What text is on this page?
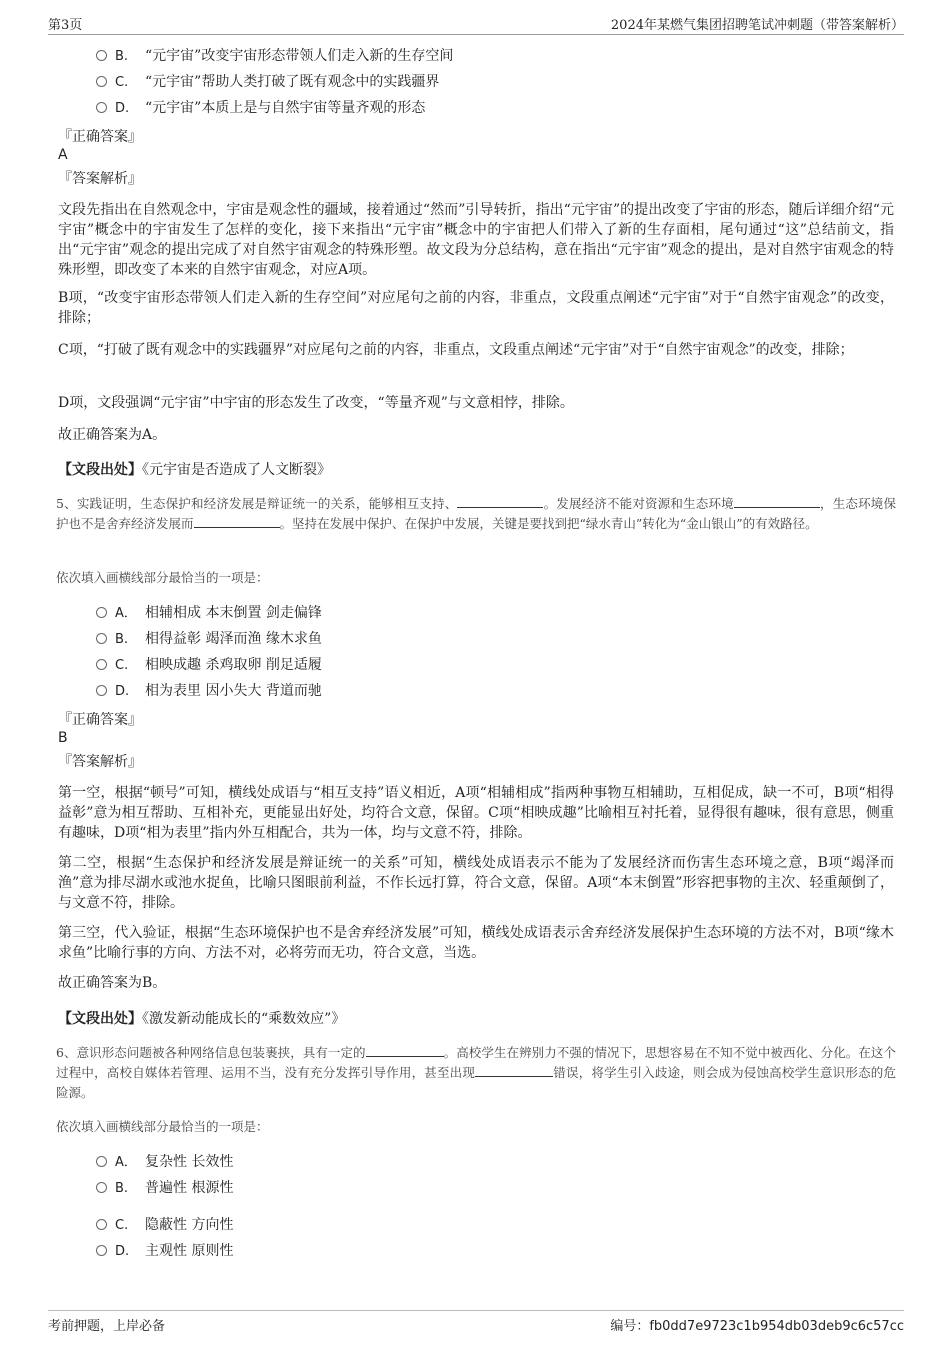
第3页	2024年某燃气集团招聘笔试冲刺题（带答案解析）
B. “元宇宙”改变宇宙形态带领人们走入新的生存空间
C. “元宇宙”帮助人类打破了既有观念中的实践疆界
D. “元宇宙”本质上是与自然宇宙等量齐观的形态
『正确答案』
A
『答案解析』
文段先指出在自然观念中，宇宙是观念性的疆域，接着通过“然而”引导转折，指出“元宇宙”的提出改变了宇宙的形态，随后详细介绍“元宇宙”概念中的宇宙发生了怎样的变化，接下来指出“元宇宙”概念中的宇宙把人们带入了新的生存面相，尾句通过“这”总结前文，指出“元宇宙”观念的提出完成了对自然宇宙观念的特殊形塑。故文段为分总结构，意在指出“元宇宙”观念的提出，是对自然宇宙观念的特殊形塑，即改变了本来的自然宇宙观念，对应A项。
B项，“改变宇宙形态带领人们走入新的生存空间”对应尾句之前的内容，非重点，文段重点阐述“元宇宙”对于“自然宇宙观念”的改变，排除；
C项，“打破了既有观念中的实践疆界”对应尾句之前的内容，非重点，文段重点阐述“元宇宙”对于“自然宇宙观念”的改变，排除；
D项，文段强调“元宇宙”中宇宙的形态发生了改变，“等量齐观”与文意相悖，排除。
故正确答案为A。
【文段出处】《元宇宙是否造成了人文断裂》
5、实践证明，生态保护和经济发展是辩证统一的关系，能够相互支持、	。发展经济不能对资源和生态环境	，生态环境保护也不是舍弃经济发展而	。坚持在发展中保护、在保护中发展，关键是要找到把“绿水青山”转化为“金山银山”的有效路径。
依次填入画横线部分最恰当的一项是：
A． 相辅相成 本末倒置 剑走偏锋
B. 相得益彰 竭泽而渔 缘木求鱼
C. 相映成趣 杀鸡取卵 削足适履
D. 相为表里 因小失大 背道而驰
『正确答案』
B
『答案解析』
第一空，根据“顿号”可知，横线处成语与“相互支持”语义相近，A项“相辅相成”指两种事物互相辅助，互相促成，缺一不可，B项“相得益彰”意为相互帮助、互相补充，更能显出好处，均符合文意，保留。C项“相映成趣”比喻相互衬托着，显得很有趣味，很有意思，侧重有趣味，D项“相为表里”指内外互相配合，共为一体，均与文意不符，排除。
第二空，根据“生态保护和经济发展是辩证统一的关系”可知，横线处成语表示不能为了发展经济而伤害生态环境之意，B项“竭泽而渔”意为排尽湖水或池水捉鱼，比喻只图眼前利益，不作长远打算，符合文意，保留。A项“本末倒置”形容把事物的主次、轻重颠倒了，与文意不符，排除。
第三空，代入验证，根据“生态环境保护也不是舍弃经济发展”可知，横线处成语表示舍弃经济发展保护生态环境的方法不对，B项“缘木求鱼”比喻行事的方向、方法不对，必将劳而无功，符合文意，当选。
故正确答案为B。
【文段出处】《激发新动能成长的“乘数效应”》
6、意识形态问题被各种网络信息包装裹挟，具有一定的	。高校学生在辨别力不强的情况下，思想容易在不知不觉中被西化、分化。在这个过程中，高校自媒体若管理、运用不当，没有充分发挥引导作用，甚至出现	错误，将学生引入歧途，则会成为侵蚀高校学生意识形态的危险源。
依次填入画横线部分最恰当的一项是：
A． 复杂性 长效性
B. 普遍性 根源性
C. 隐蔽性 方向性
D. 主观性 原则性
考前押题，上岸必备	编号：fb0dd7e9723c1b954db03deb9c6c57cc
